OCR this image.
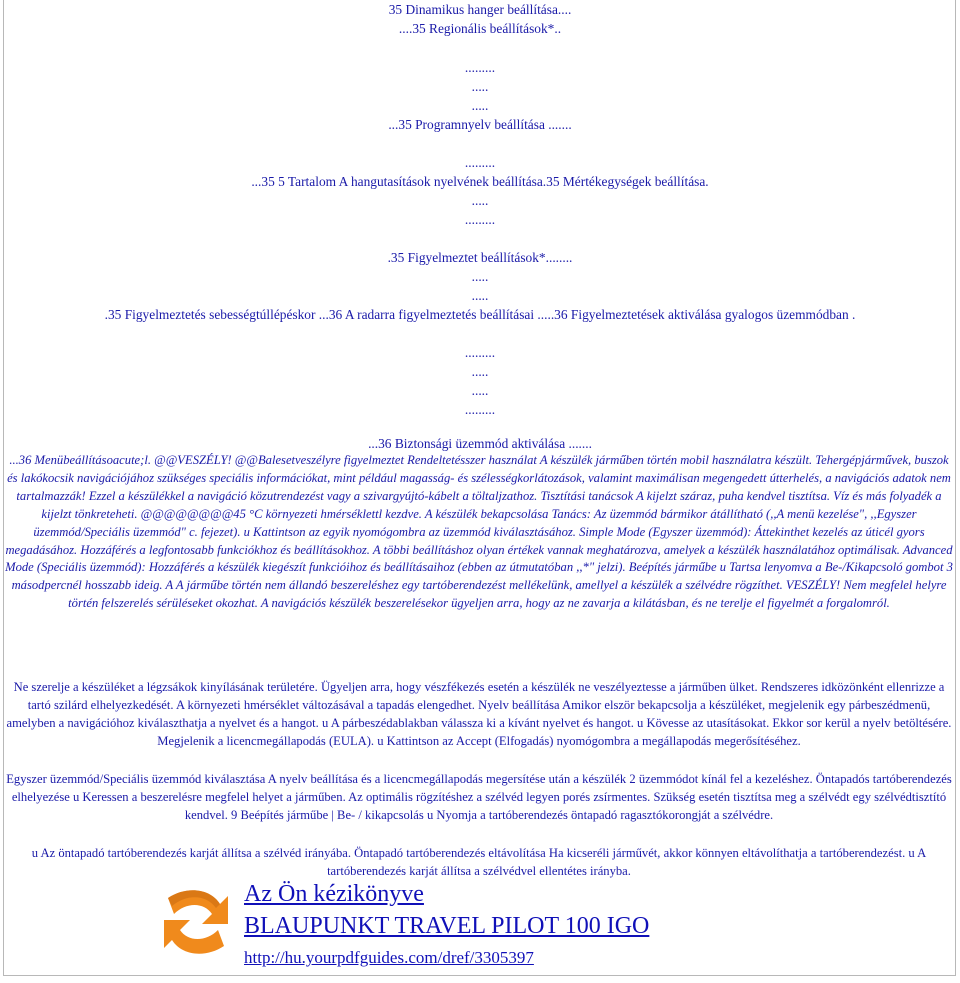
35 Dinamikus hanger beállítása....
....35 Regionális beállítások*..
.........
.....
.....
...35 Programnyelv beállítása .......
.........
...35 5 Tartalom A hangutasítások nyelvének beállítása.35 Mértékegységek beállítása.
.....
.........
.35 Figyelmeztet beállítások*........
.....
.....
.35 Figyelmeztetés sebességtúllépéskor ...36 A radarra figyelmeztetés beállításai .....36 Figyelmeztetések aktiválása gyalogos üzemmódban .
.........
.....
.....
.........
...36 Biztonsági üzemmód aktiválása .......
...36 Menübeállításoacute;l. @@VESZÉLY! @@Balesetveszélyre figyelmeztet Rendeltetésszer használat A készülék járműben történ mobil használatra készült. Tehergépjárművek, buszok és lakókocsik navigációjához szükséges speciális információkat, mint például magasság- és szélességkorlátozások, valamint maximálisan megengedett útterhelés, a navigációs adatok nem tartalmazzák! Ezzel a készülékkel a navigáció közutrendezést vagy a szivargyújtó-kábelt a töltaljzathoz. Tisztítási tanácsok A kijelzt száraz, puha kendvel tisztítsa. Víz és más folyadék a kijelzt tönkreteheti. @@@@@@@@45 °C környezeti hmérséklettl kezdve. A készülék bekapcsolása Tanács: Az üzemmód bármikor átállítható (,,A menü kezelése", ,,Egyszer üzemmód/Speciális üzemmód" c. fejezet). u Kattintson az egyik nyomógombra az üzemmód kiválasztásához. Simple Mode (Egyszer üzemmód): Áttekinthet kezelés az úticél gyors megadásához. Hozzáférés a legfontosabb funkciókhoz és beállításokhoz. A többi beállításhoz olyan értékek vannak meghatározva, amelyek a készülék használatához optimálisak. Advanced Mode (Speciális üzemmód): Hozzáférés a készülék kiegészít funkcióihoz és beállításaihoz (ebben az útmutatóban ,,*" jelzi). Beépítés járműbe u Tartsa lenyomva a Be-/Kikapcsoló gombot 3 másodpercnél hosszabb ideig. A A járműbe történ nem állandó beszereléshez egy tartóberendezést mellékelünk, amellyel a készülék a szélvédre rögzíthet. VESZÉLY! Nem megfelel helyre történ felszerelés sérüléseket okozhat. A navigációs készülék beszerelésekor ügyeljen arra, hogy az ne zavarja a kilátásban, és ne terelje el figyelmét a forgalomról.
Ne szerelje a készüléket a légzsákok kinyílásának területére. Ügyeljen arra, hogy vészfékezés esetén a készülék ne veszélyeztesse a járműben ülket. Rendszeres idközönként ellenrizze a tartó szilárd elhelyezkedését. A környezeti hmérséklet változásával a tapadás elengedhet. Nyelv beállítása Amikor elször bekapcsolja a készüléket, megjelenik egy párbeszédmenü, amelyben a navigációhoz kiválaszthatja a nyelvet és a hangot. u A párbeszédablakban válassza ki a kívánt nyelvet és hangot. u Kövesse az utasításokat. Ekkor sor kerül a nyelv betöltésére. Megjelenik a licencmegállapodás (EULA). u Kattintson az Accept (Elfogadás) nyomógombra a megállapodás megerősítéséhez.
Egyszer üzemmód/Speciális üzemmód kiválasztása A nyelv beállítása és a licencmegállapodás megersítése után a készülék 2 üzemmódot kínál fel a kezeléshez. Öntapadós tartóberendezés elhelyezése u Keressen a beszerelésre megfelel helyet a járműben. Az optimális rögzítéshez a szélvéd legyen porés zsírmentes. Szükség esetén tisztítsa meg a szélvédt egy szélvédtisztító kendvel. 9 Beépítés járműbe | Be- / kikapcsolás u Nyomja a tartóberendezés öntapadó ragasztókorongját a szélvédre.
u Az öntapadó tartóberendezés karját állítsa a szélvéd irányába. Öntapadó tartóberendezés eltávolítása Ha kicseréli járművét, akkor könnyen eltávolíthatja a tartóberendezést. u A tartóberendezés karját állítsa a szélvédvel ellentétes irányba.
Az Ön kézikönyve
BLAUPUNKT TRAVEL PILOT 100 IGO
http://hu.yourpdfguides.com/dref/3305397
